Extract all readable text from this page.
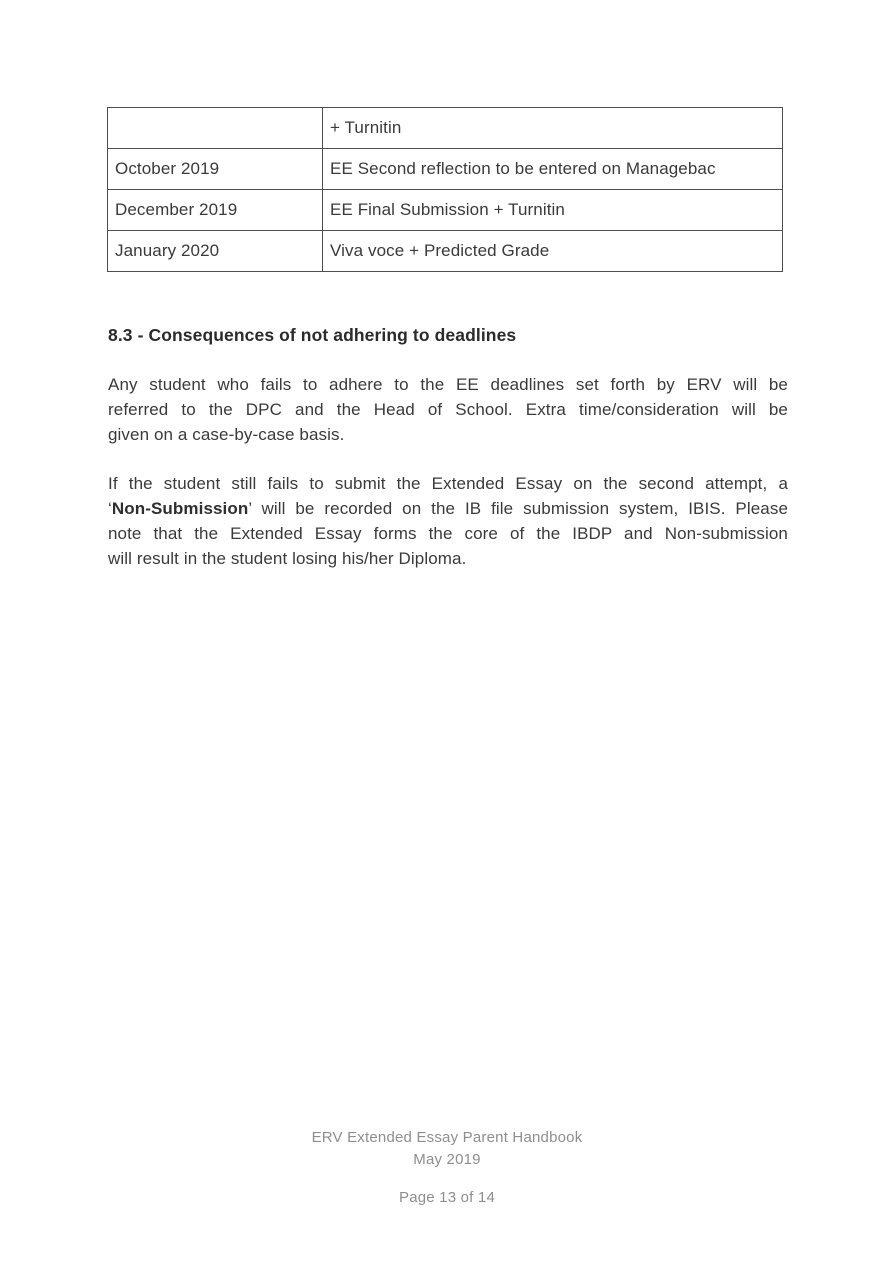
	+ Turnitin
October 2019	EE Second reflection to be entered on Managebac
December 2019	EE Final Submission + Turnitin
January 2020	Viva voce + Predicted Grade
8.3 - Consequences of not adhering to deadlines
Any student who fails to adhere to the EE deadlines set forth by ERV will be
referred to the DPC and the Head of School. Extra time/consideration will be
given on a case-by-case basis.
If the student still fails to submit the Extended Essay on the second attempt, a
‘Non-Submission’ will be recorded on the IB file submission system, IBIS. Please
note that the Extended Essay forms the core of the IBDP and Non-submission
will result in the student losing his/her Diploma.
ERV Extended Essay Parent Handbook
May 2019
Page 13 of 14
